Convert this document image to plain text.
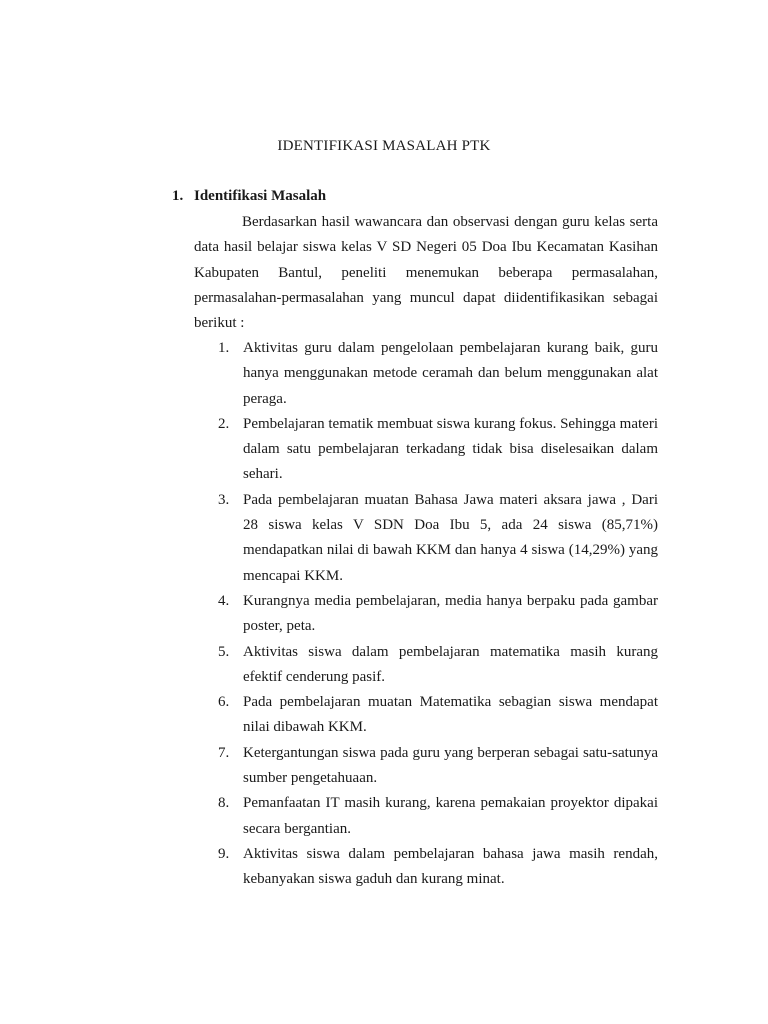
IDENTIFIKASI MASALAH PTK
1. Identifikasi Masalah

Berdasarkan hasil wawancara dan observasi dengan guru kelas serta data hasil belajar siswa kelas V SD Negeri 05 Doa Ibu Kecamatan Kasihan Kabupaten Bantul, peneliti menemukan beberapa permasalahan, permasalahan-permasalahan yang muncul dapat diidentifikasikan sebagai berikut :

1. Aktivitas guru dalam pengelolaan pembelajaran kurang baik, guru hanya menggunakan metode ceramah dan belum menggunakan alat peraga.
2. Pembelajaran tematik membuat siswa kurang fokus. Sehingga materi dalam satu pembelajaran terkadang tidak bisa diselesaikan dalam sehari.
3. Pada pembelajaran muatan Bahasa Jawa materi aksara jawa , Dari 28 siswa kelas V SDN Doa Ibu 5, ada 24 siswa (85,71%) mendapatkan nilai di bawah KKM dan hanya 4 siswa (14,29%) yang mencapai KKM.
4. Kurangnya media pembelajaran, media hanya berpaku pada gambar poster, peta.
5. Aktivitas siswa dalam pembelajaran matematika masih kurang efektif cenderung pasif.
6. Pada pembelajaran muatan Matematika sebagian siswa mendapat nilai dibawah KKM.
7. Ketergantungan siswa pada guru yang berperan sebagai satu-satunya sumber pengetahuaan.
8. Pemanfaatan IT masih kurang, karena pemakaian proyektor dipakai secara bergantian.
9. Aktivitas siswa dalam pembelajaran bahasa jawa masih rendah, kebanyakan siswa gaduh dan kurang minat.
